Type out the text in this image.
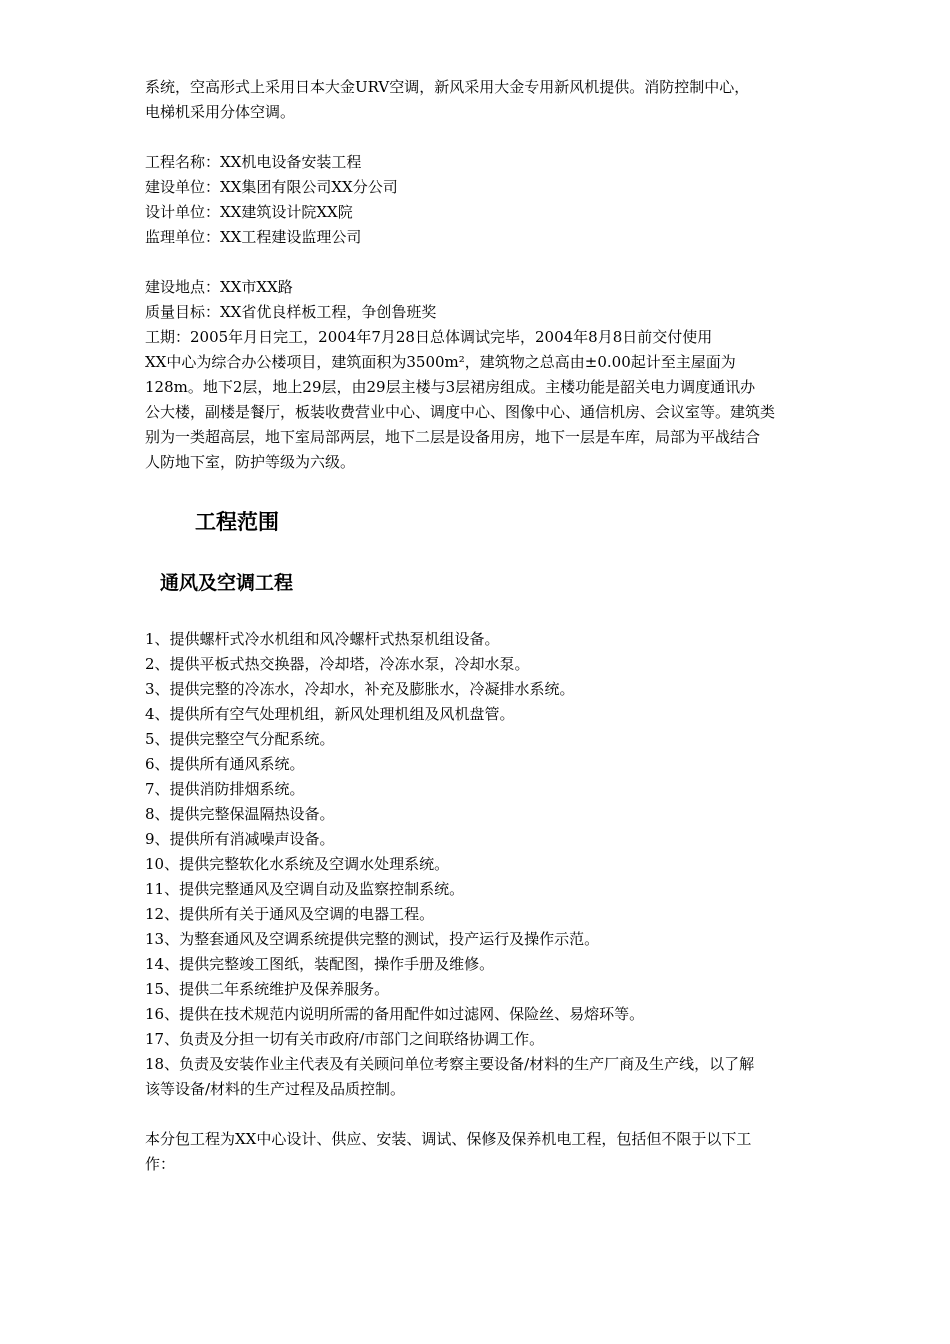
系统，空高形式上采用日本大金URV空调，新风采用大金专用新风机提供。消防控制中心，
电梯机采用分体空调。

工程名称：XX机电设备安装工程
建设单位：XX集团有限公司XX分公司
设计单位：XX建筑设计院XX院
监理单位：XX工程建设监理公司
建设地点：XX市XX路
质量目标：XX省优良样板工程，争创鲁班奖
工期：2005年月日完工，2004年7月28日总体调试完毕，2004年8月8日前交付使用

XX中心为综合办公楼项目，建筑面积为3500m²，建筑物之总高由±0.00起计至主屋面为
128m。地下2层，地上29层，由29层主楼与3层裙房组成。主楼功能是韶关电力调度通讯办
公大楼，副楼是餐厅，板装收费营业中心、调度中心、图像中心、通信机房、会议室等。建筑类
别为一类超高层，地下室局部两层，地下二层是设备用房，地下一层是车库，局部为平战结合
人防地下室，防护等级为六级。

工程范围
通风及空调工程
1、提供螺杆式冷水机组和风冷螺杆式热泵机组设备。
2、提供平板式热交换器，冷却塔，冷冻水泵，冷却水泵。
3、提供完整的冷冻水，冷却水，补充及膨胀水，冷凝排水系统。
4、提供所有空气处理机组，新风处理机组及风机盘管。
5、提供完整空气分配系统。
6、提供所有通风系统。
7、提供消防排烟系统。
8、提供完整保温隔热设备。
9、提供所有消减噪声设备。
10、提供完整软化水系统及空调水处理系统。
11、提供完整通风及空调自动及监察控制系统。
12、提供所有关于通风及空调的电器工程。
13、为整套通风及空调系统提供完整的测试，投产运行及操作示范。
14、提供完整竣工图纸，装配图，操作手册及维修。
15、提供二年系统维护及保养服务。
16、提供在技术规范内说明所需的备用配件如过滤网、保险丝、易熔环等。
17、负责及分担一切有关市政府/市部门之间联络协调工作。
18、负责及安装作业主代表及有关顾问单位考察主要设备/材料的生产厂商及生产线，以了解
该等设备/材料的生产过程及品质控制。

本分包工程为XX中心设计、供应、安装、调试、保修及保养机电工程，包括但不限于以下工
作：
